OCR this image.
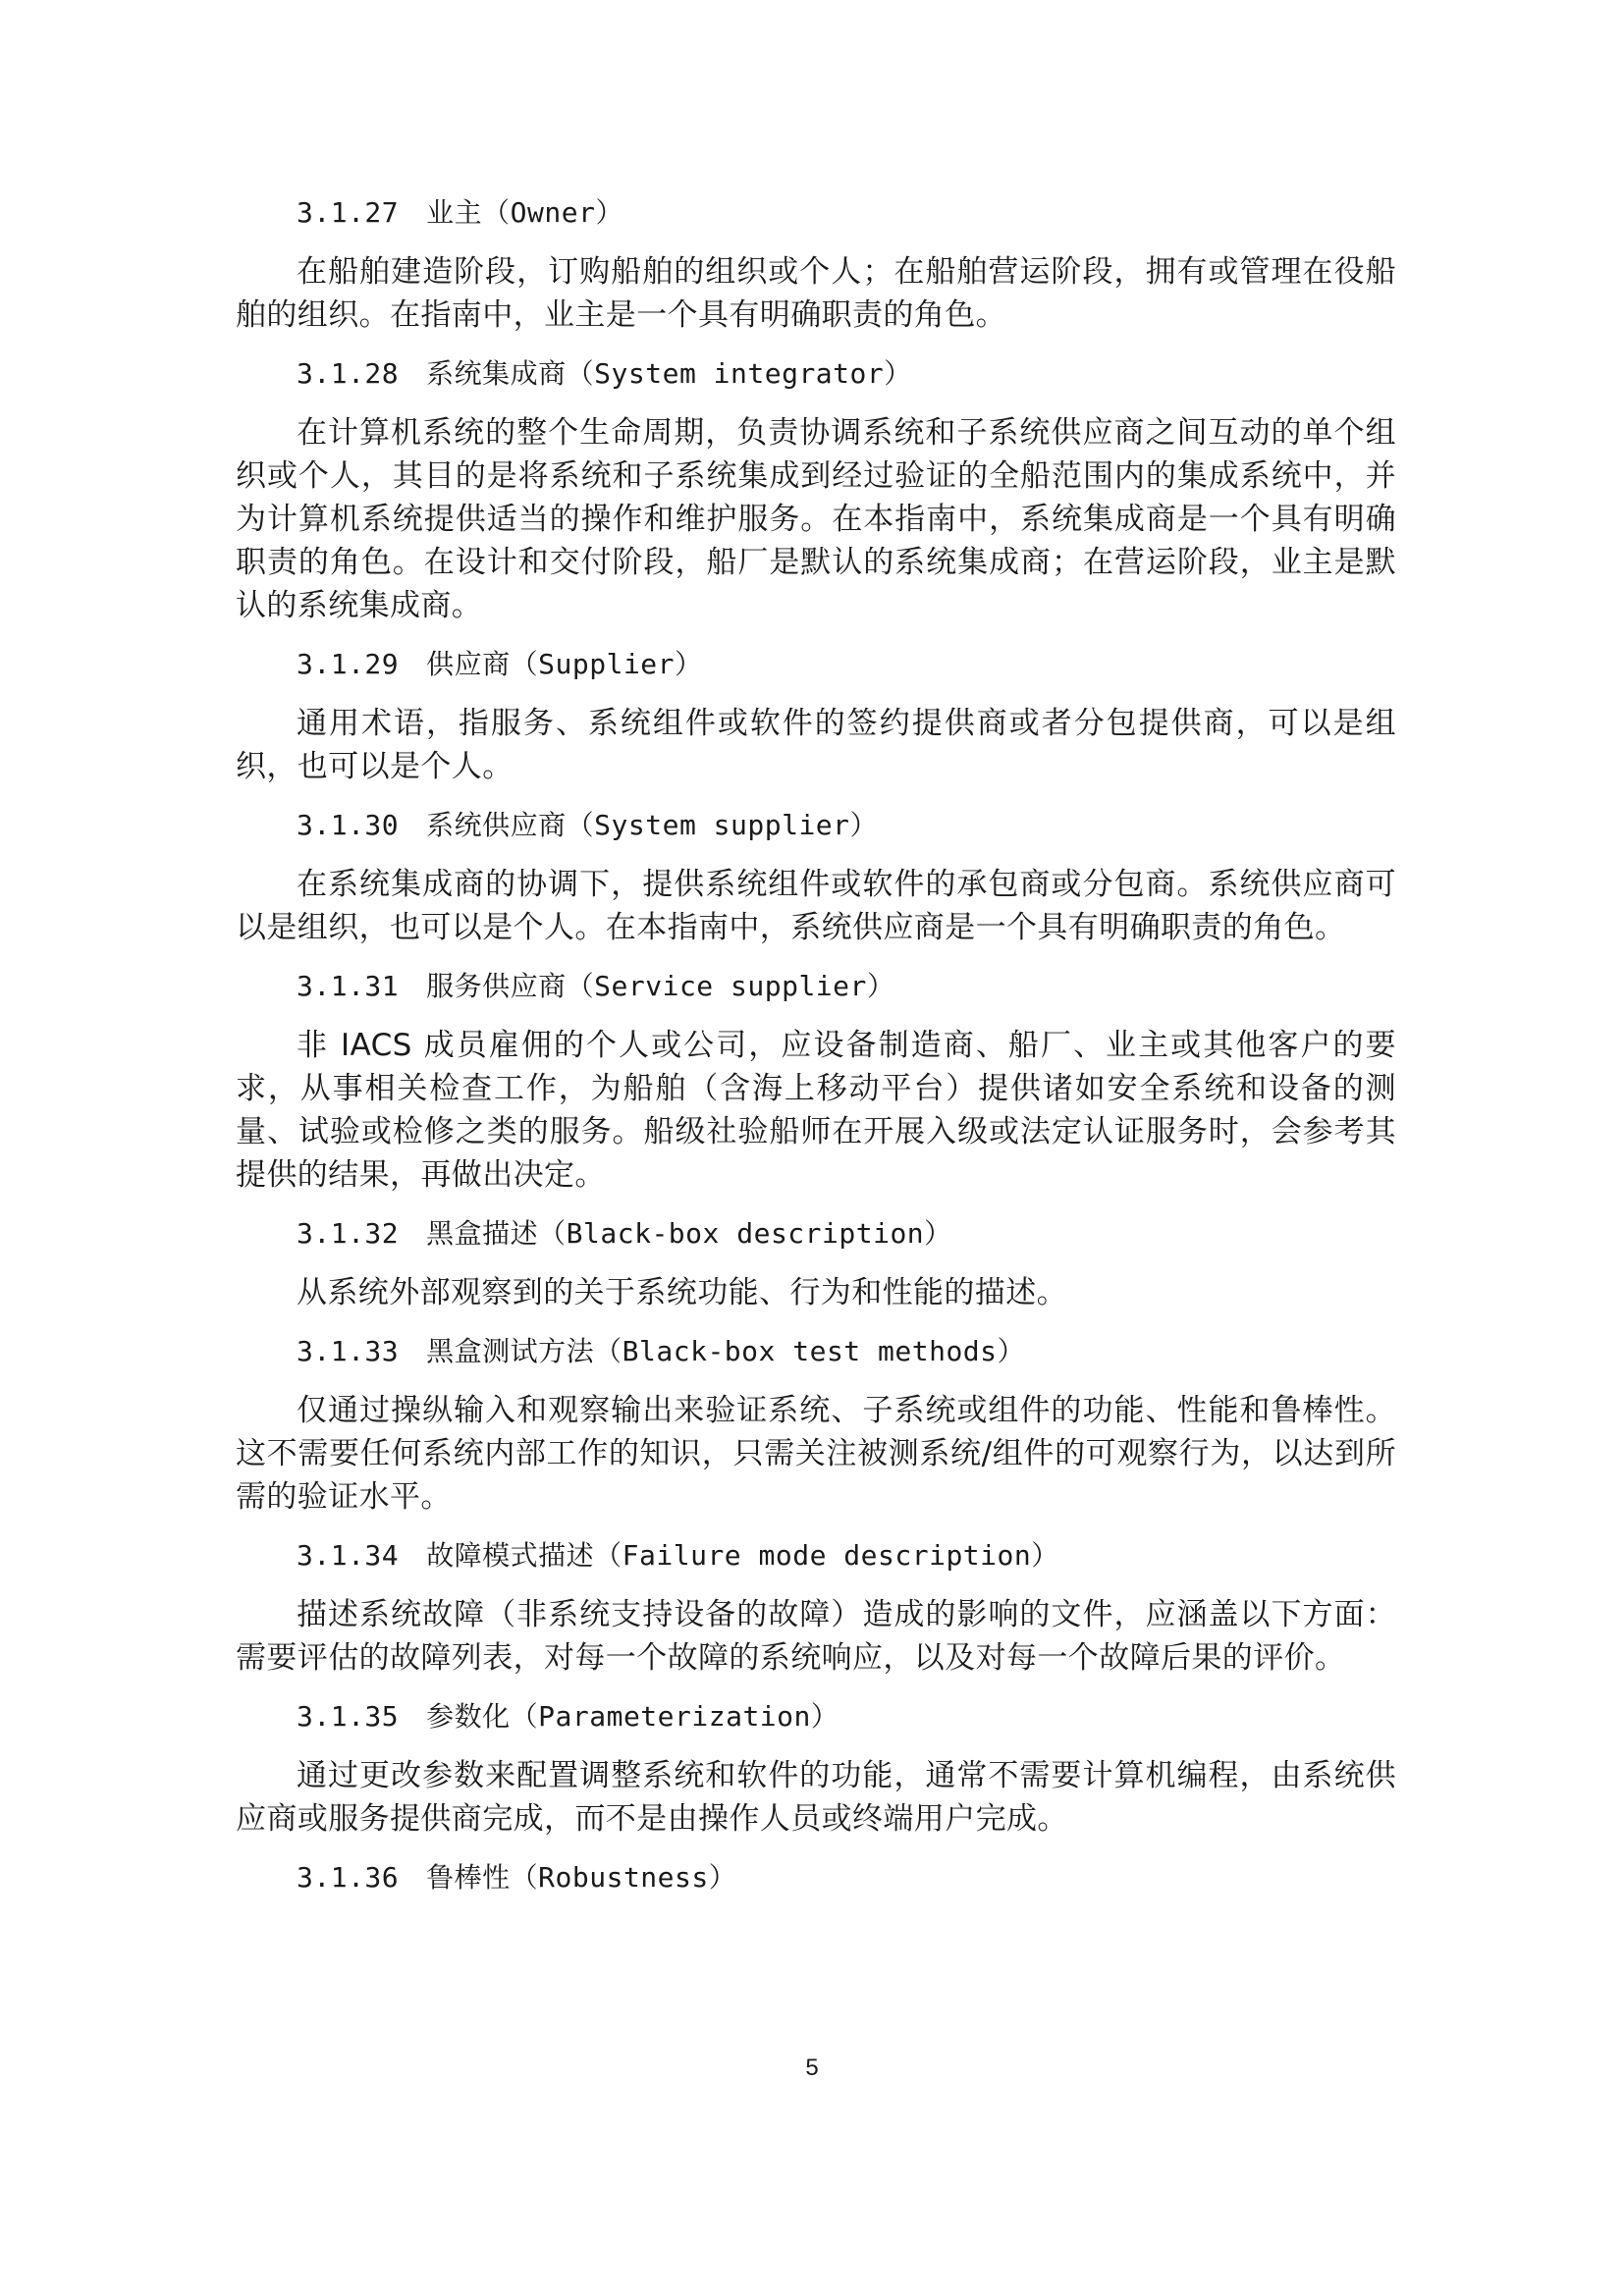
3.1.27 业主（Owner）

在船舶建造阶段，订购船舶的组织或个人；在船舶营运阶段，拥有或管理在役船舶的组织。在指南中，业主是一个具有明确职责的角色。

3.1.28 系统集成商（System integrator）

在计算机系统的整个生命周期，负责协调系统和子系统供应商之间互动的单个组织或个人，其目的是将系统和子系统集成到经过验证的全船范围内的集成系统中，并为计算机系统提供适当的操作和维护服务。在本指南中，系统集成商是一个具有明确职责的角色。在设计和交付阶段，船厂是默认的系统集成商；在营运阶段，业主是默认的系统集成商。

3.1.29 供应商（Supplier）

通用术语，指服务、系统组件或软件的签约提供商或者分包提供商，可以是组织，也可以是个人。

3.1.30 系统供应商（System supplier）

在系统集成商的协调下，提供系统组件或软件的承包商或分包商。系统供应商可以是组织，也可以是个人。在本指南中，系统供应商是一个具有明确职责的角色。

3.1.31 服务供应商（Service supplier）

非 IACS 成员雇佣的个人或公司，应设备制造商、船厂、业主或其他客户的要求，从事相关检查工作，为船舶（含海上移动平台）提供诸如安全系统和设备的测量、试验或检修之类的服务。船级社验船师在开展入级或法定认证服务时，会参考其提供的结果，再做出决定。

3.1.32 黑盒描述（Black-box description）

从系统外部观察到的关于系统功能、行为和性能的描述。

3.1.33 黑盒测试方法（Black-box test methods）

仅通过操纵输入和观察输出来验证系统、子系统或组件的功能、性能和鲁棒性。这不需要任何系统内部工作的知识，只需关注被测系统/组件的可观察行为，以达到所需的验证水平。

3.1.34 故障模式描述（Failure mode description）

描述系统故障（非系统支持设备的故障）造成的影响的文件，应涵盖以下方面：需要评估的故障列表，对每一个故障的系统响应，以及对每一个故障后果的评价。

3.1.35 参数化（Parameterization）

通过更改参数来配置调整系统和软件的功能，通常不需要计算机编程，由系统供应商或服务提供商完成，而不是由操作人员或终端用户完成。

3.1.36 鲁棒性（Robustness）
5
